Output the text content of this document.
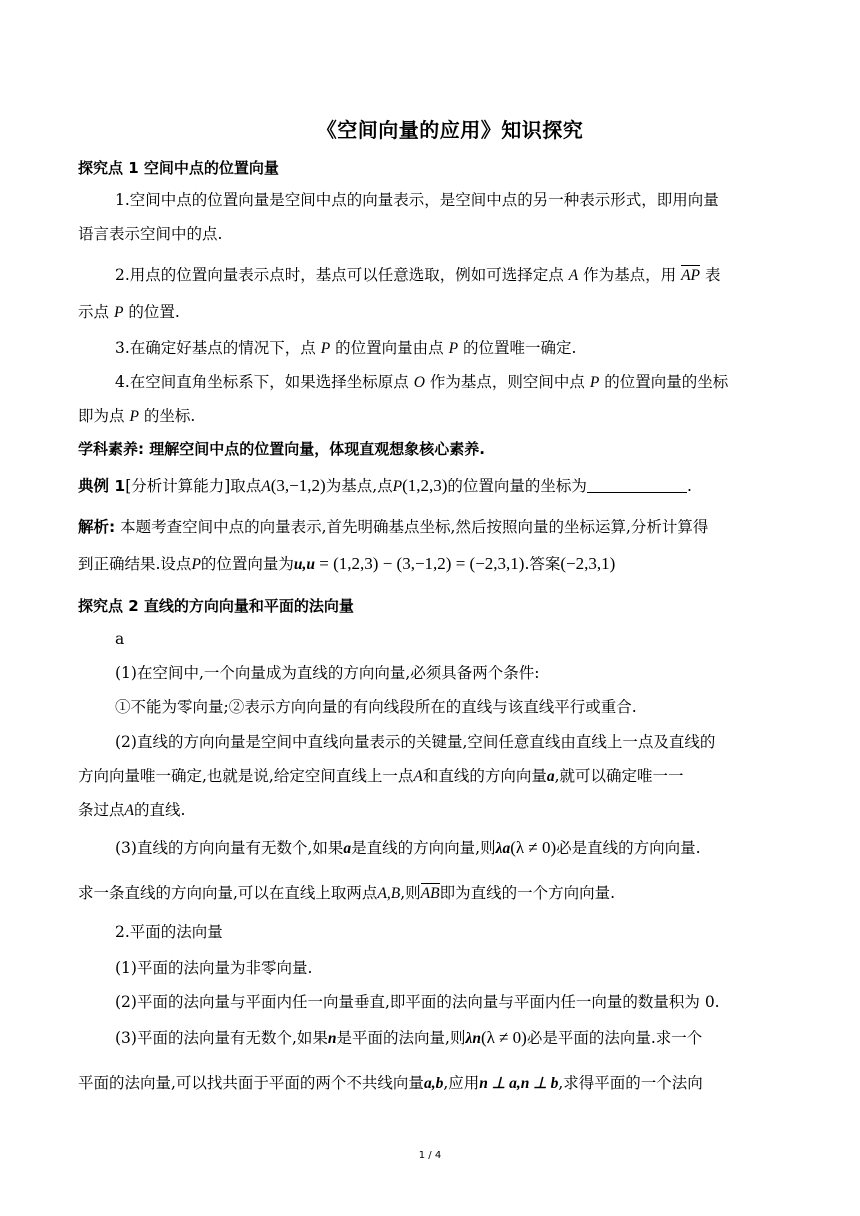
《空间向量的应用》知识探究
探究点 1 空间中点的位置向量
1.空间中点的位置向量是空间中点的向量表示，是空间中点的另一种表示形式，即用向量
语言表示空间中的点.
2.用点的位置向量表示点时，基点可以任意选取，例如可选择定点 A 作为基点，用 AP 表
示点 P 的位置.
3.在确定好基点的情况下，点 P 的位置向量由点 P 的位置唯一确定.
4.在空间直角坐标系下，如果选择坐标原点 O 作为基点，则空间中点 P 的位置向量的坐标
即为点 P 的坐标.
学科素养: 理解空间中点的位置向量，体现直观想象核心素养.
典例 1[分析计算能力]取点A(3,−1,2)为基点,点P(1,2,3)的位置向量的坐标为	.
解析: 本题考查空间中点的向量表示,首先明确基点坐标,然后按照向量的坐标运算,分析计算得
到正确结果.设点P的位置向量为u,u = (1,2,3) − (3,−1,2) = (−2,3,1).答案(−2,3,1)
探究点 2 直线的方向向量和平面的法向量
a
(1)在空间中,一个向量成为直线的方向向量,必须具备两个条件:
①不能为零向量;②表示方向向量的有向线段所在的直线与该直线平行或重合.
(2)直线的方向向量是空间中直线向量表示的关键量,空间任意直线由直线上一点及直线的
方向向量唯一确定,也就是说,给定空间直线上一点A和直线的方向向量a,就可以确定唯一一
条过点A的直线.
(3)直线的方向向量有无数个,如果a是直线的方向向量,则λa(λ ≠ 0)必是直线的方向向量.
求一条直线的方向向量,可以在直线上取两点A,B,则AB即为直线的一个方向向量.
2.平面的法向量
(1)平面的法向量为非零向量.
(2)平面的法向量与平面内任一向量垂直,即平面的法向量与平面内任一向量的数量积为 0.
(3)平面的法向量有无数个,如果n是平面的法向量,则λn(λ ≠ 0)必是平面的法向量.求一个
平面的法向量,可以找共面于平面的两个不共线向量a,b,应用n ⊥ a,n ⊥ b,求得平面的一个法向
1 / 4
